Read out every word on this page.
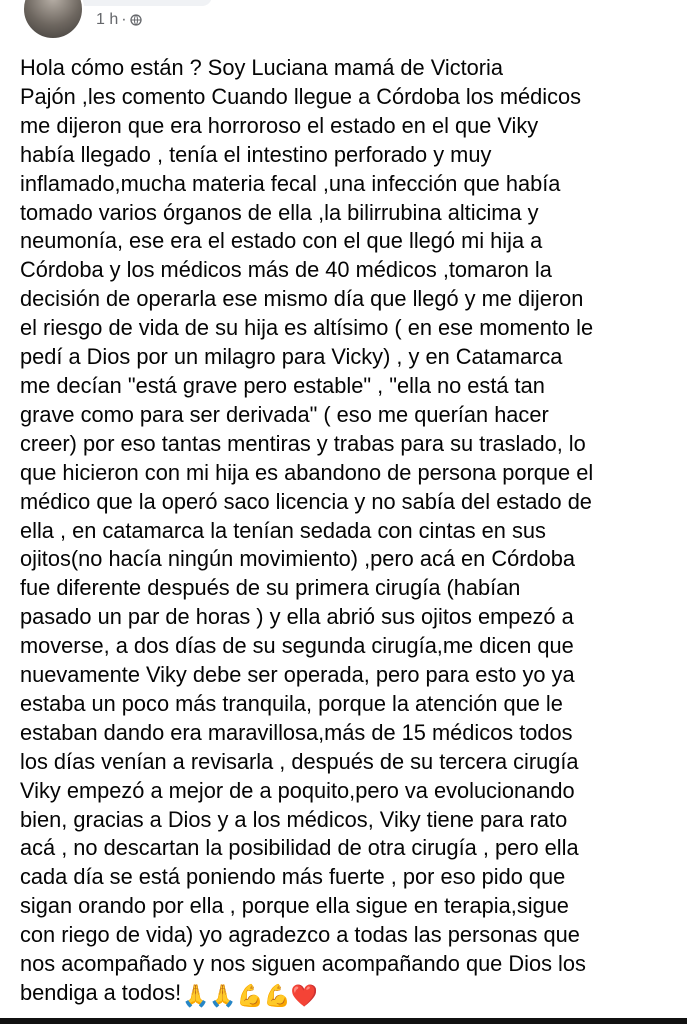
1 h ·

Hola cómo están ? Soy Luciana mamá de Victoria
Pajón ,les comento Cuando llegue a Córdoba los médicos
me dijeron que era horroroso el estado en el que Viky
había llegado , tenía el intestino perforado y muy
inflamado,mucha materia fecal ,una infección que había
tomado varios órganos de ella ,la bilirrubina alticima y
neumonía, ese era el estado con el que llegó mi hija a
Córdoba y los médicos más de 40 médicos ,tomaron la
decisión de operarla ese mismo día que llegó y me dijeron
el riesgo de vida de su hija es altísimo ( en ese momento le
pedí a Dios por un milagro para Vicky) , y en Catamarca
me decían "está grave pero estable" , "ella no está tan
grave como para ser derivada" ( eso me querían hacer
creer) por eso tantas mentiras y trabas para su traslado, lo
que hicieron con mi hija es abandono de persona porque el
médico que la operó saco licencia y no sabía del estado de
ella , en catamarca la tenían sedada con cintas en sus
ojitos(no hacía ningún movimiento) ,pero acá en Córdoba
fue diferente después de su primera cirugía (habían
pasado un par de horas ) y ella abrió sus ojitos empezó a
moverse, a dos días de su segunda cirugía,me dicen que
nuevamente Viky debe ser operada, pero para esto yo ya
estaba un poco más tranquila, porque la atención que le
estaban dando era maravillosa,más de 15 médicos todos
los días venían a revisarla , después de su tercera cirugía
Viky empezó a mejor de a poquito,pero va evolucionando
bien, gracias a Dios y a los médicos, Viky tiene para rato
acá , no descartan la posibilidad de otra cirugía , pero ella
cada día se está poniendo más fuerte , por eso pido que
sigan orando por ella , porque ella sigue en terapia,sigue
con riego de vida) yo agradezco a todas las personas que
nos acompañado y nos siguen acompañando que Dios los
bendiga a todos!🙏🙏💪💪❤️
